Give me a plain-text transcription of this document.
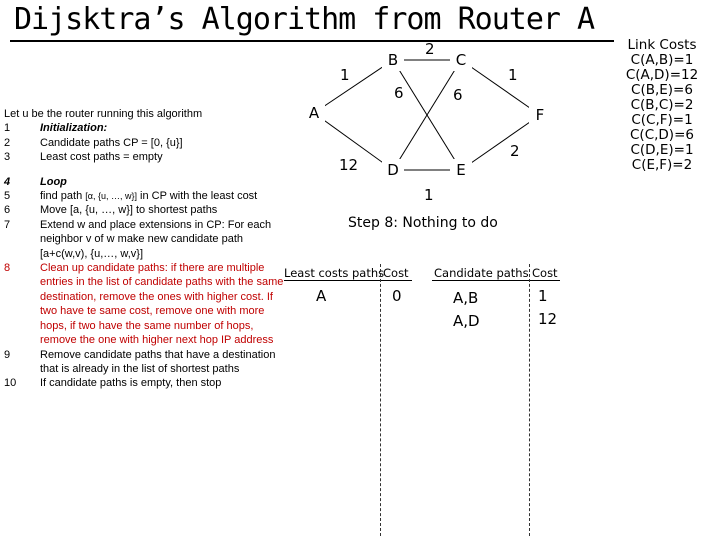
Dijsktra’s Algorithm from Router A
A
B	C
D	E
F
1
2
1
6	6
12
2
1
Link Costs
C(A,B)=1
C(A,D)=12
C(B,E)=6
C(B,C)=2
C(C,F)=1
C(C,D)=6
C(D,E)=1
C(E,F)=2
Let u be the router running this algorithm
1	Initialization:
2	Candidate paths CP = [0, {u}]
3	Least cost paths = empty
4	Loop
5	find path [α, {u, …, w}] in CP with the least cost
6	Move [a, {u, …, w}] to shortest paths
7	Extend w and place extensions in CP: For each neighbor v of w make new candidate path [a+c(w,v), {u,…, w,v}]
8	Clean up candidate paths: if there are multiple entries in the list of candidate paths with the same destination, remove the ones with higher cost. If two have te same cost, remove one with more hops, if two have the same number of hops, remove the one with higher next hop IP address
9	Remove candidate paths that have a destination that is already in the list of shortest paths
10	If candidate paths is empty, then stop
Step 8: Nothing to do
Least costs paths
Cost
A	0
Candidate paths Cost
A,B	1
A,D	12
